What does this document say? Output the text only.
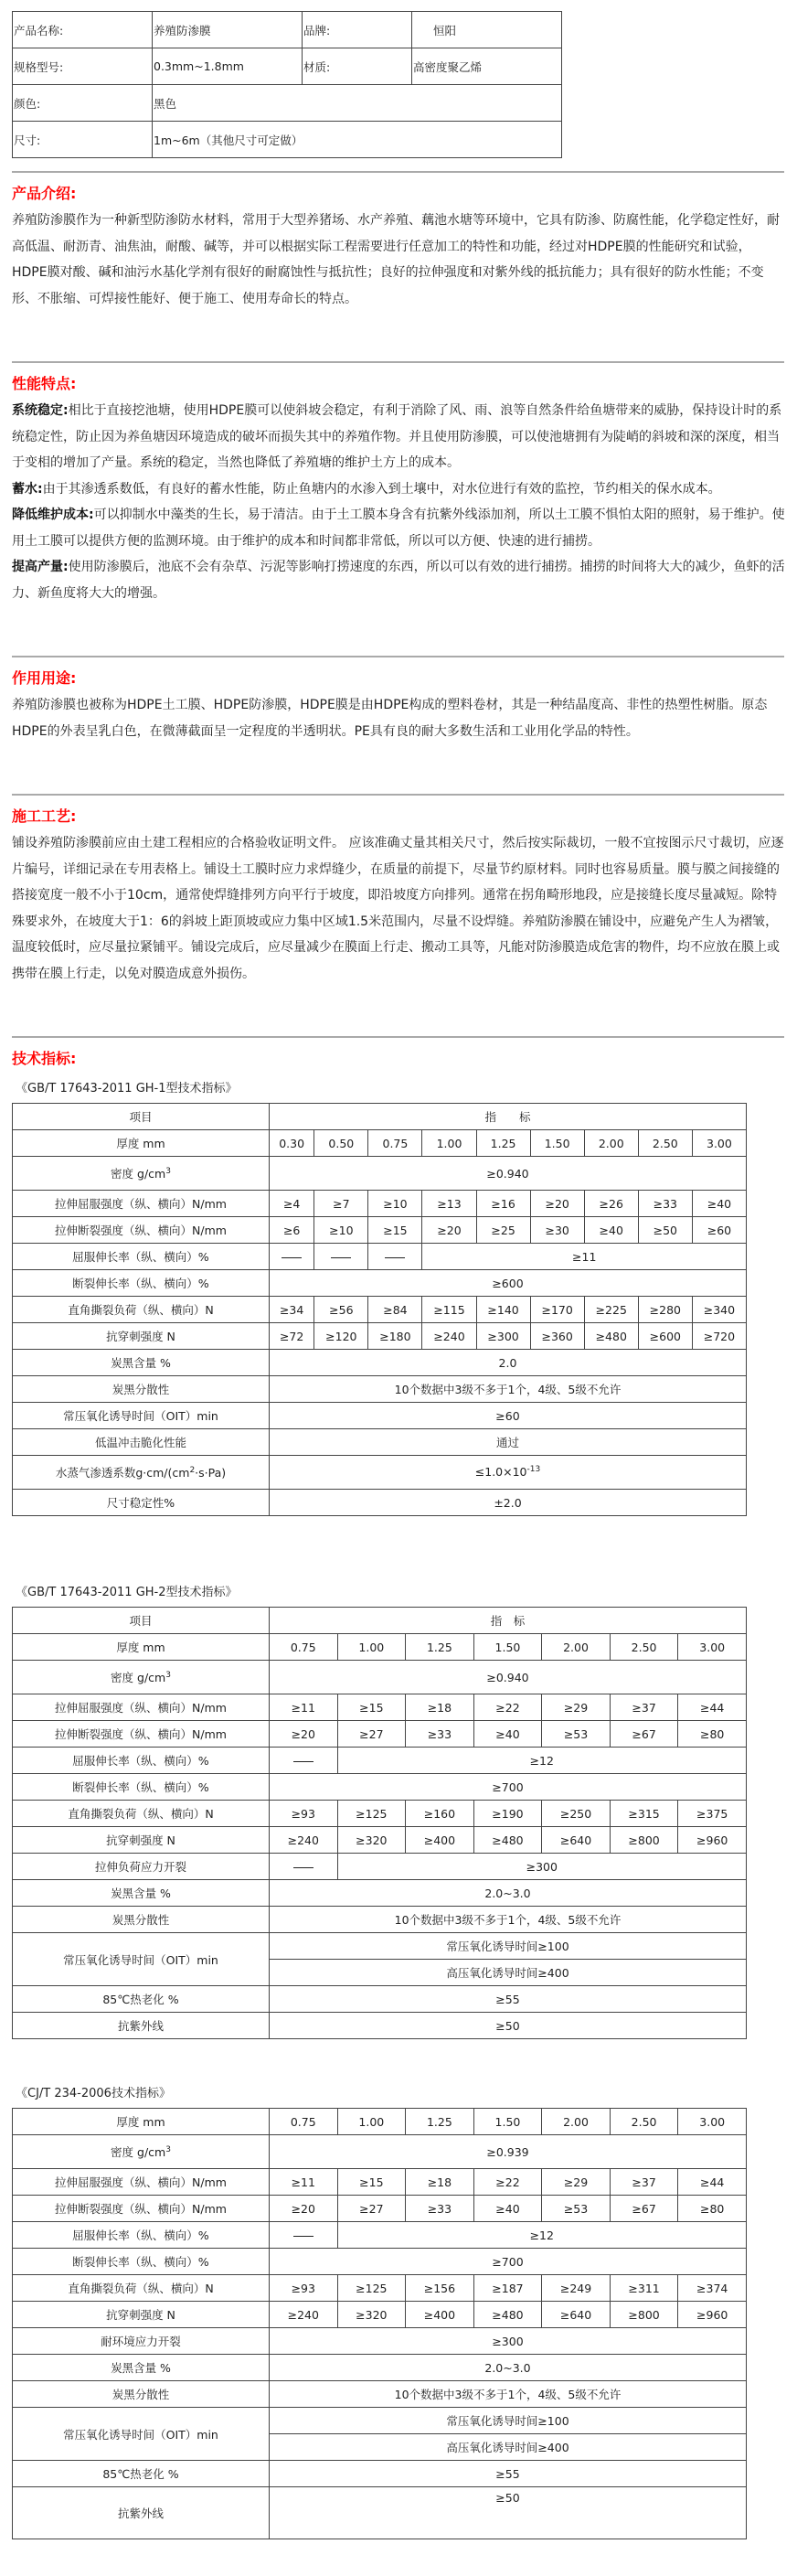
产品名称:	养殖防渗膜	品牌:	恒阳
规格型号:	0.3mm~1.8mm	材质:	高密度聚乙烯
颜色:	黑色		
尺寸:	1m~6m（其他尺寸可定做）		
产品介绍:

养殖防渗膜作为一种新型防渗防水材料，常用于大型养猪场、水产养殖、藕池水塘等环境中，它具有防渗、防腐性能，化学稳定性好，耐高低温、耐沥青、油焦油，耐酸、碱等，并可以根据实际工程需要进行任意加工的特性和功能，经过对HDPE膜的性能研究和试验，HDPE膜对酸、碱和油污水基化学剂有很好的耐腐蚀性与抵抗性；良好的拉伸强度和对紫外线的抵抗能力；具有很好的防水性能；不变形、不胀缩、可焊接性能好、便于施工、使用寿命长的特点。

性能特点:

系统稳定:相比于直接挖池塘，使用HDPE膜可以使斜坡会稳定，有利于消除了风、雨、浪等自然条件给鱼塘带来的威胁，保持设计时的系统稳定性，防止因为养鱼塘因环境造成的破坏而损失其中的养殖作物。并且使用防渗膜，可以使池塘拥有为陡峭的斜坡和深的深度，相当于变相的增加了产量。系统的稳定，当然也降低了养殖塘的维护土方上的成本。

蓄水:由于其渗透系数低，有良好的蓄水性能，防止鱼塘内的水渗入到土壤中，对水位进行有效的监控，节约相关的保水成本。

降低维护成本:可以抑制水中藻类的生长，易于清洁。由于土工膜本身含有抗紫外线添加剂，所以土工膜不惧怕太阳的照射，易于维护。使用土工膜可以提供方便的监测环境。由于维护的成本和时间都非常低，所以可以方便、快速的进行捕捞。

提高产量:使用防渗膜后，池底不会有杂草、污泥等影响打捞速度的东西，所以可以有效的进行捕捞。捕捞的时间将大大的减少，鱼虾的活力、新鱼度将大大的增强。

作用用途:

养殖防渗膜也被称为HDPE土工膜、HDPE防渗膜，HDPE膜是由HDPE构成的塑料卷材，其是一种结晶度高、非性的热塑性树脂。原态HDPE的外表呈乳白色，在微薄截面呈一定程度的半透明状。PE具有良的耐大多数生活和工业用化学品的特性。

施工工艺:

铺设养殖防渗膜前应由土建工程相应的合格验收证明文件。 应该准确丈量其相关尺寸，然后按实际裁切，一般不宜按图示尺寸裁切，应逐片编号，详细记录在专用表格上。铺设土工膜时应力求焊缝少，在质量的前提下，尽量节约原材料。同时也容易质量。膜与膜之间接缝的搭接宽度一般不小于10cm，通常使焊缝排列方向平行于坡度，即沿坡度方向排列。通常在拐角畸形地段，应是接缝长度尽量减短。除特殊要求外，在坡度大于1：6的斜坡上距顶坡或应力集中区域1.5米范围内，尽量不设焊缝。养殖防渗膜在铺设中，应避免产生人为褶皱，温度较低时，应尽量拉紧铺平。铺设完成后，应尽量减少在膜面上行走、搬动工具等，凡能对防渗膜造成危害的物件，均不应放在膜上或携带在膜上行走，以免对膜造成意外损伤。

技术指标:
《GB/T 17643-2011 GH-1型技术指标》
项目	指　　标								
厚度 mm	0.30	0.50	0.75	1.00	1.25	1.50	2.00	2.50	3.00
密度 $g/cm^3$	≥0.940								
拉伸屈服强度（纵、横向）N/mm	≥4	≥7	≥10	≥13	≥16	≥20	≥26	≥33	≥40
拉伸断裂强度（纵、横向）N/mm	≥6	≥10	≥15	≥20	≥25	≥30	≥40	≥50	≥60
屈服伸长率（纵、横向）%				≥11					
断裂伸长率（纵、横向）%	≥600								
直角撕裂负荷（纵、横向）N	≥34	≥56	≥84	≥115	≥140	≥170	≥225	≥280	≥340
抗穿刺强度 N	≥72	≥120	≥180	≥240	≥300	≥360	≥480	≥600	≥720
炭黑含量 %	2.0								
炭黑分散性	10个数据中3级不多于1个，4级、5级不允许								
常压氧化诱导时间（OIT）min	≥60								
低温冲击脆化性能	通过								
水蒸气渗透系数$g\cdot cm/(cm^2\cdot s\cdot Pa)$	$\le 1.0\times 10^{-13}$
尺寸稳定性%	±2.0								
《GB/T 17643-2011 GH-2型技术指标》
项目	指　标						
厚度 mm	0.75	1.00	1.25	1.50	2.00	2.50	3.00
密度 $g/cm^3$	≥0.940						
拉伸屈服强度（纵、横向）N/mm	≥11	≥15	≥18	≥22	≥29	≥37	≥44
拉伸断裂强度（纵、横向）N/mm	≥20	≥27	≥33	≥40	≥53	≥67	≥80
屈服伸长率（纵、横向）%		≥12					
断裂伸长率（纵、横向）%	≥700						
直角撕裂负荷（纵、横向）N	≥93	≥125	≥160	≥190	≥250	≥315	≥375
抗穿刺强度 N	≥240	≥320	≥400	≥480	≥640	≥800	≥960
拉伸负荷应力开裂		≥300					
炭黑含量 %	2.0~3.0						
炭黑分散性	10个数据中3级不多于1个，4级、5级不允许						
常压氧化诱导时间（OIT）min	常压氧化诱导时间≥100						
	高压氧化诱导时间≥400						
85℃热老化 %	≥55						
抗紫外线	≥50						
《CJ/T 234-2006技术指标》
厚度 mm	0.75	1.00	1.25	1.50	2.00	2.50	3.00
密度 $g/cm^3$	≥0.939						
拉伸屈服强度（纵、横向）N/mm	≥11	≥15	≥18	≥22	≥29	≥37	≥44
拉伸断裂强度（纵、横向）N/mm	≥20	≥27	≥33	≥40	≥53	≥67	≥80
屈服伸长率（纵、横向）%		≥12					
断裂伸长率（纵、横向）%	≥700						
直角撕裂负荷（纵、横向）N	≥93	≥125	≥156	≥187	≥249	≥311	≥374
抗穿刺强度 N	≥240	≥320	≥400	≥480	≥640	≥800	≥960
耐环境应力开裂	≥300						
炭黑含量 %	2.0~3.0						
炭黑分散性	10个数据中3级不多于1个，4级、5级不允许						
常压氧化诱导时间（OIT）min	常压氧化诱导时间≥100						
	高压氧化诱导时间≥400						
85℃热老化 %	≥55						
抗紫外线	≥50						
